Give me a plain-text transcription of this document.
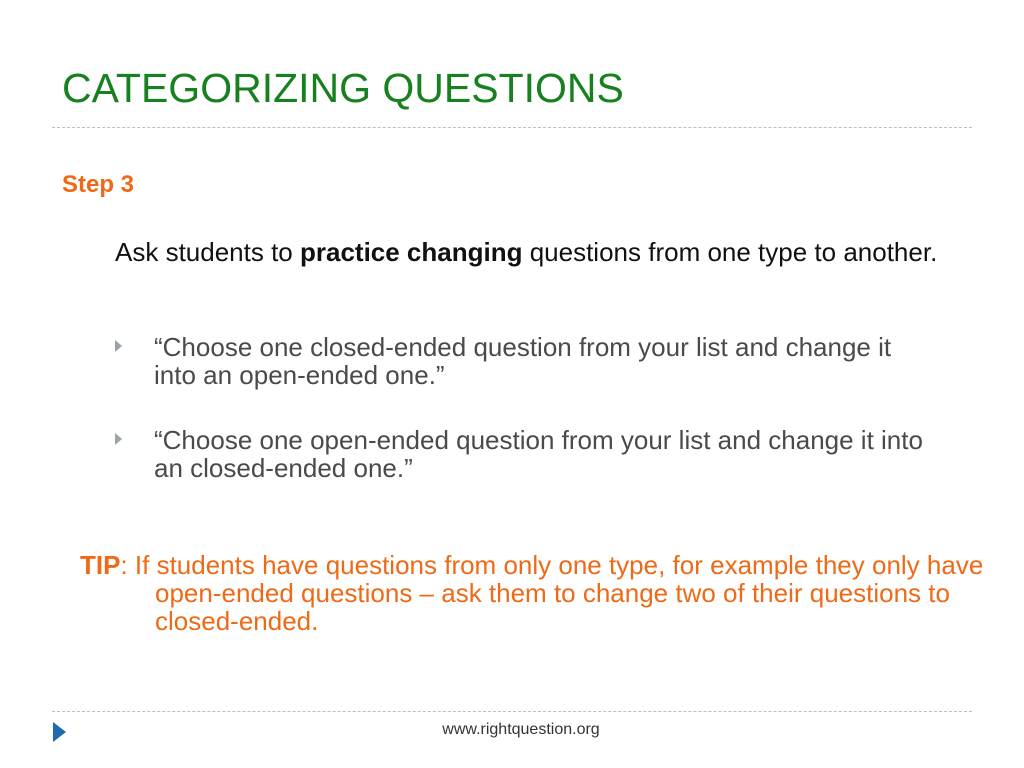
CATEGORIZING QUESTIONS
Step 3
Ask students to practice changing questions from one type to another.
“Choose one closed-ended question from your list and change it into an open-ended one.”
“Choose one open-ended question from your list and change it into an closed-ended one.”
TIP: If students have questions from only one type, for example they only have open-ended questions – ask them to change two of their questions to closed-ended.
www.rightquestion.org
